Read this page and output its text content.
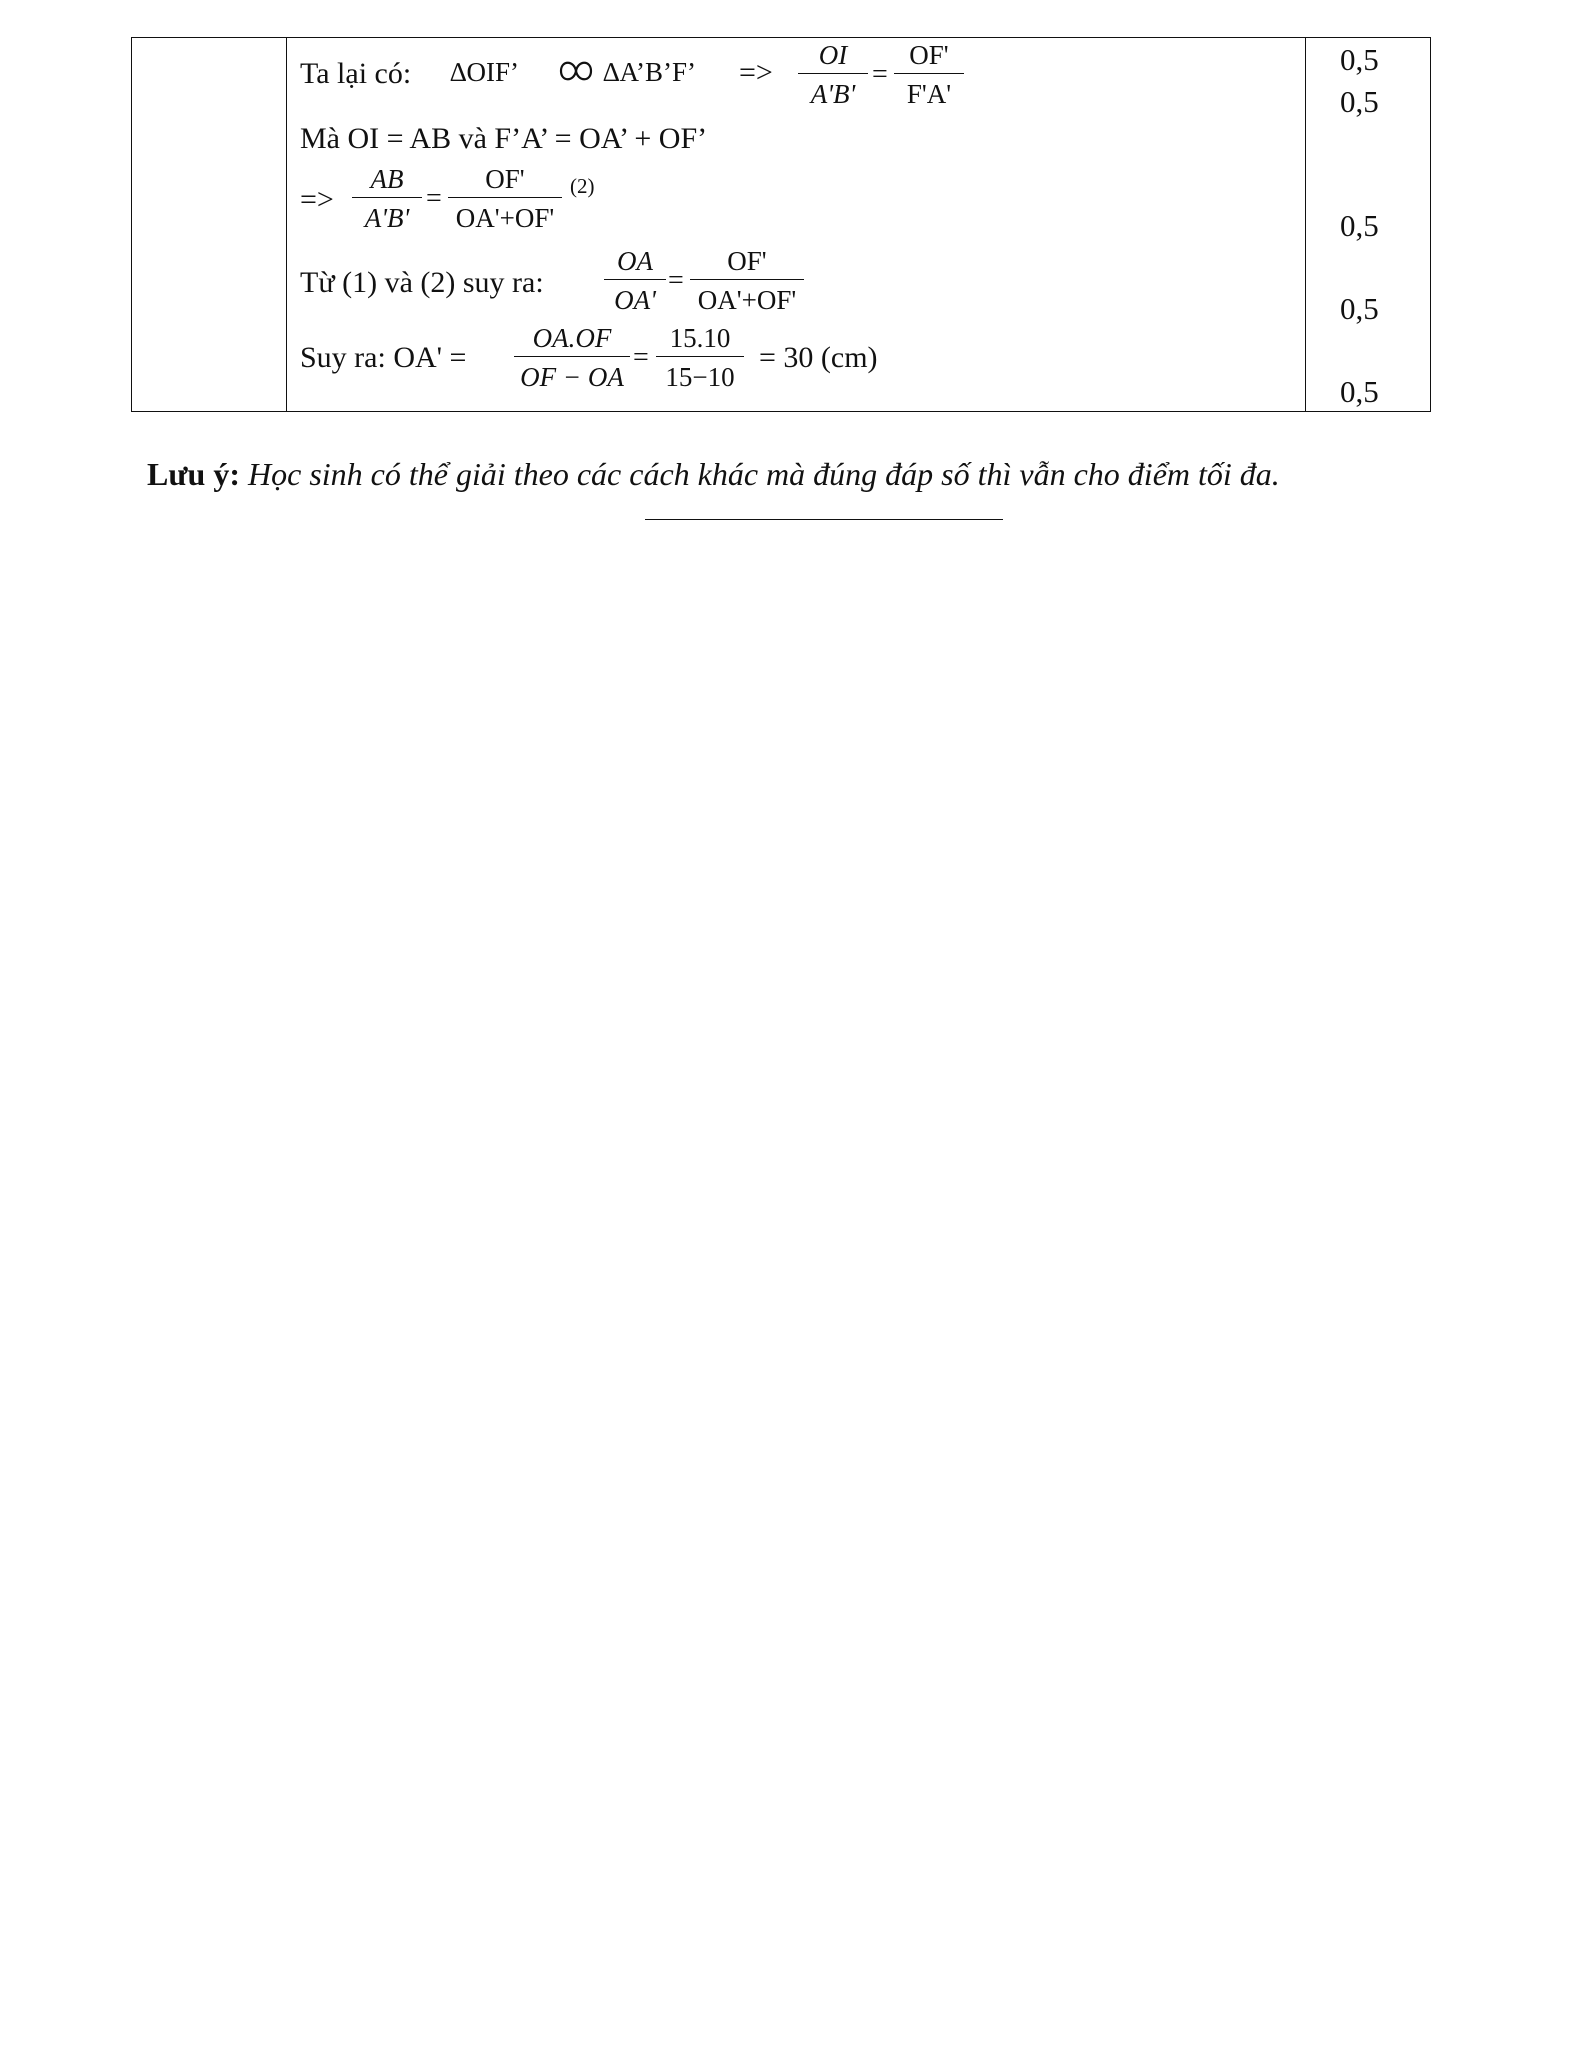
Ta lại có: ∆OIF’	∆A’B’F’ => $\frac{OI}{A'B'} = \frac{OF'}{F'A'}$
Mà OI = AB và F’A’ = OA’ + OF’
=> $\frac{AB}{A'B'} = \frac{OF'}{OA'+OF'} (2)$
Từ (1) và (2) suy ra: $\frac{OA}{OA'} = \frac{OF'}{OA'+OF'}$
Suy ra: $OA' = \frac{OA.OF}{OF - OA} = \frac{15.10}{15-10} = 30$ (cm)
0,5
0,5
0,5
0,5
0,5
Lưu ý: Học sinh có thể giải theo các cách khác mà đúng đáp số thì vẫn cho điểm tối đa.
